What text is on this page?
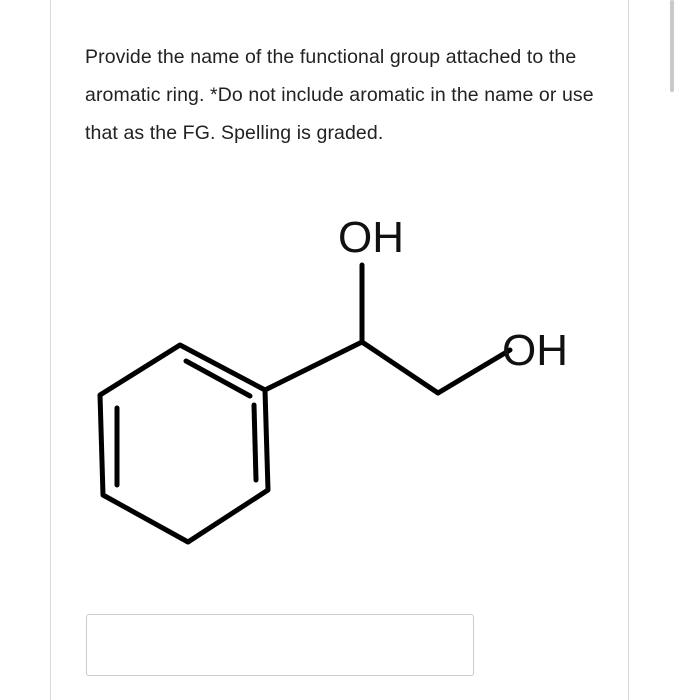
Provide the name of the functional group attached to the aromatic ring. *Do not include aromatic in the name or use that as the FG. Spelling is graded.
OH
OH
